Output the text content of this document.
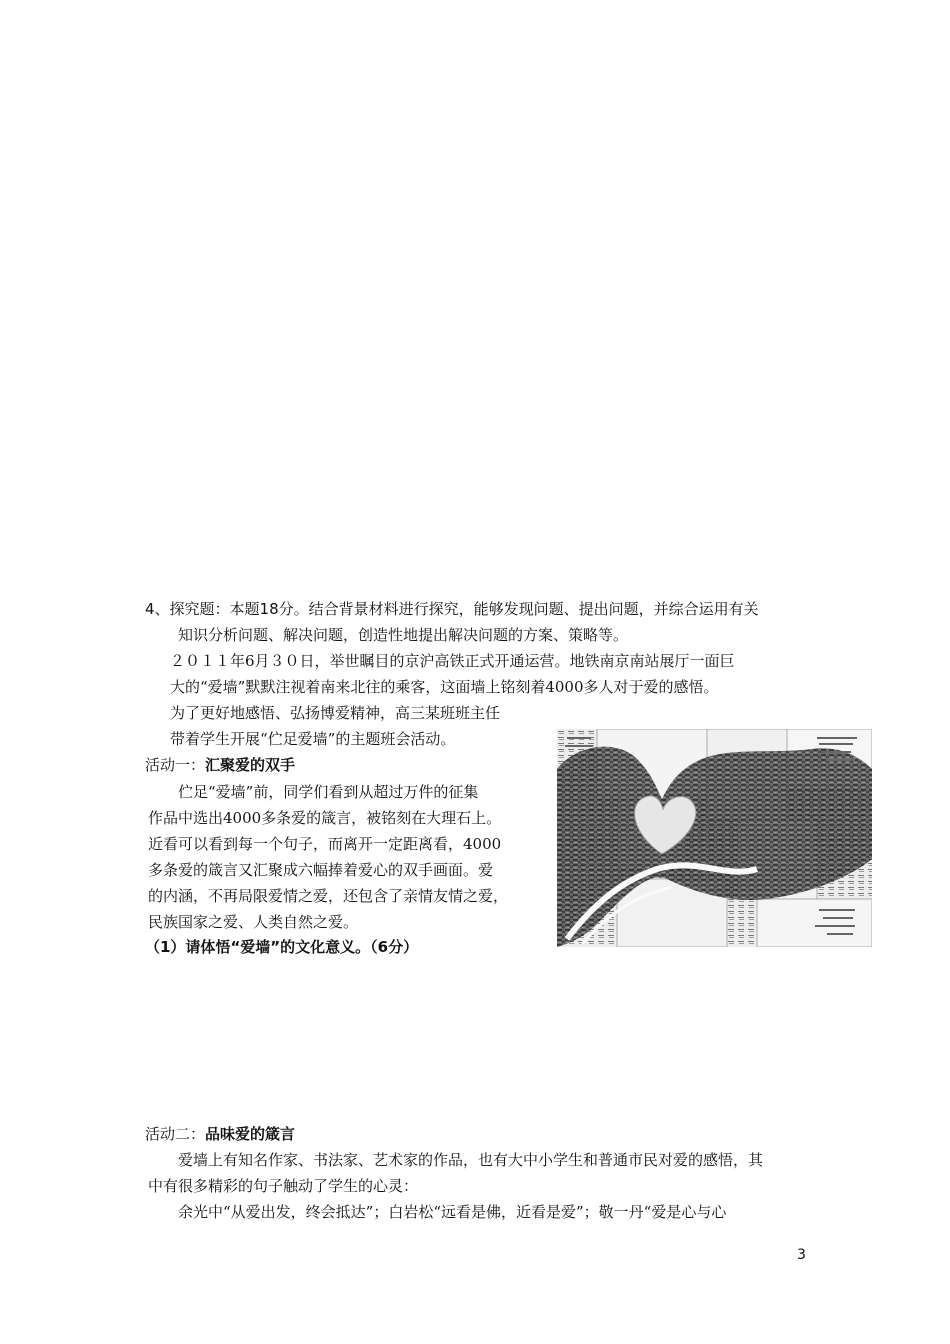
4、探究题：本题18分。结合背景材料进行探究，能够发现问题、提出问题，并综合运用有关
知识分析问题、解决问题，创造性地提出解决问题的方案、策略等。
２０１１年6月３０日，举世瞩目的京沪高铁正式开通运营。地铁南京南站展厅一面巨
大的“爱墙”默默注视着南来北往的乘客，这面墙上铭刻着4000多人对于爱的感悟。
为了更好地感悟、弘扬博爱精神，高三某班班主任
带着学生开展“伫足爱墙”的主题班会活动。
活动一：汇聚爱的双手
伫足“爱墙”前，同学们看到从超过万件的征集
作品中选出4000多条爱的箴言，被铭刻在大理石上。
近看可以看到每一个句子，而离开一定距离看，4000
多条爱的箴言又汇聚成六幅捧着爱心的双手画面。爱
的内涵，不再局限爱情之爱，还包含了亲情友情之爱，
民族国家之爱、人类自然之爱。
（1）请体悟“爱墙”的文化意义。（6分）
活动二：品味爱的箴言
爱墙上有知名作家、书法家、艺术家的作品，也有大中小学生和普通市民对爱的感悟，其
中有很多精彩的句子触动了学生的心灵：
余光中“从爱出发，终会抵达”；白岩松“远看是佛，近看是爱”；敬一丹“爱是心与心
3
